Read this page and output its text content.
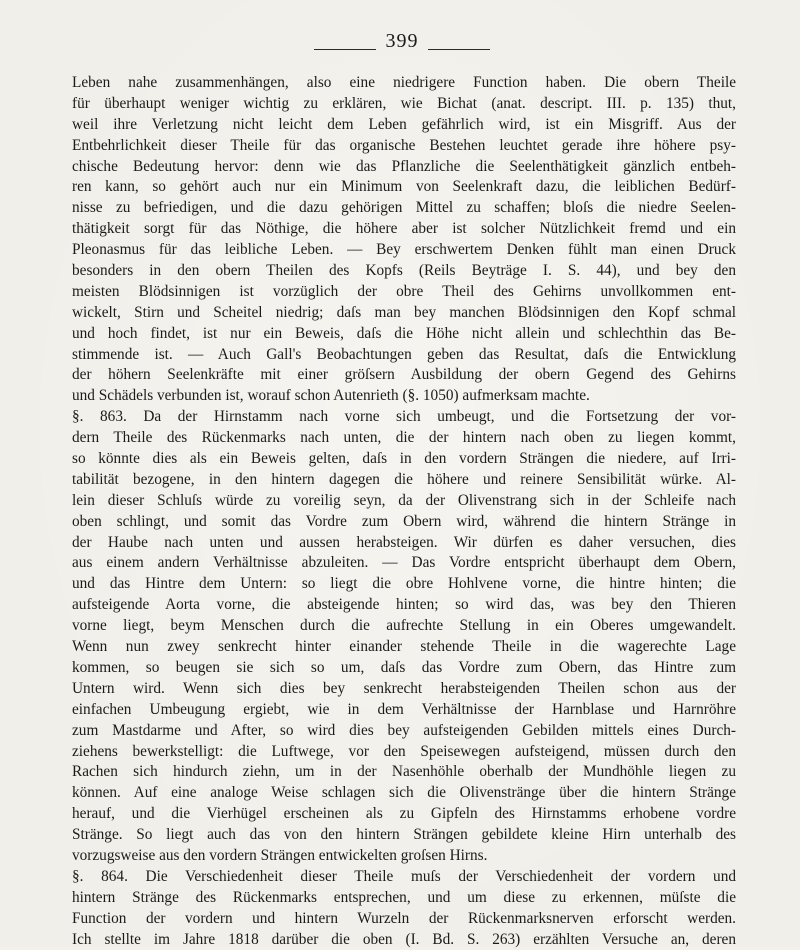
399
Leben nahe zusammenhängen, also eine niedrigere Function haben. Die obern Theile
für überhaupt weniger wichtig zu erklären, wie Bichat (anat. descript. III. p. 135) thut,
weil ihre Verletzung nicht leicht dem Leben gefährlich wird, ist ein Misgriff. Aus der
Entbehrlichkeit dieser Theile für das organische Bestehen leuchtet gerade ihre höhere psy-
chische Bedeutung hervor: denn wie das Pflanzliche die Seelenthätigkeit gänzlich entbeh-
ren kann, so gehört auch nur ein Minimum von Seelenkraft dazu, die leiblichen Bedürf-
nisse zu befriedigen, und die dazu gehörigen Mittel zu schaffen; bloſs die niedre Seelen-
thätigkeit sorgt für das Nöthige, die höhere aber ist solcher Nützlichkeit fremd und ein
Pleonasmus für das leibliche Leben. — Bey erschwertem Denken fühlt man einen Druck
besonders in den obern Theilen des Kopfs (Reils Beyträge I. S. 44), und bey den
meisten Blödsinnigen ist vorzüglich der obre Theil des Gehirns unvollkommen ent-
wickelt, Stirn und Scheitel niedrig; daſs man bey manchen Blödsinnigen den Kopf schmal
und hoch findet, ist nur ein Beweis, daſs die Höhe nicht allein und schlechthin das Be-
stimmende ist. — Auch Gall's Beobachtungen geben das Resultat, daſs die Entwicklung
der höhern Seelenkräfte mit einer gröſsern Ausbildung der obern Gegend des Gehirns
und Schädels verbunden ist, worauf schon Autenrieth (§. 1050) aufmerksam machte.
§. 863. Da der Hirnstamm nach vorne sich umbeugt, und die Fortsetzung der vor-
dern Theile des Rückenmarks nach unten, die der hintern nach oben zu liegen kommt,
so könnte dies als ein Beweis gelten, daſs in den vordern Strängen die niedere, auf Irri-
tabilität bezogene, in den hintern dagegen die höhere und reinere Sensibilität würke. Al-
lein dieser Schluſs würde zu voreilig seyn, da der Olivenstrang sich in der Schleife nach
oben schlingt, und somit das Vordre zum Obern wird, während die hintern Stränge in
der Haube nach unten und aussen herabsteigen. Wir dürfen es daher versuchen, dies
aus einem andern Verhältnisse abzuleiten. — Das Vordre entspricht überhaupt dem Obern,
und das Hintre dem Untern: so liegt die obre Hohlvene vorne, die hintre hinten; die
aufsteigende Aorta vorne, die absteigende hinten; so wird das, was bey den Thieren
vorne liegt, beym Menschen durch die aufrechte Stellung in ein Oberes umgewandelt.
Wenn nun zwey senkrecht hinter einander stehende Theile in die wagerechte Lage
kommen, so beugen sie sich so um, daſs das Vordre zum Obern, das Hintre zum
Untern wird. Wenn sich dies bey senkrecht herabsteigenden Theilen schon aus der
einfachen Umbeugung ergiebt, wie in dem Verhältnisse der Harnblase und Harnröhre
zum Mastdarme und After, so wird dies bey aufsteigenden Gebilden mittels eines Durch-
ziehens bewerkstelligt: die Luftwege, vor den Speisewegen aufsteigend, müssen durch den
Rachen sich hindurch ziehn, um in der Nasenhöhle oberhalb der Mundhöhle liegen zu
können. Auf eine analoge Weise schlagen sich die Olivenstränge über die hintern Stränge
herauf, und die Vierhügel erscheinen als zu Gipfeln des Hirnstamms erhobene vordre
Stränge. So liegt auch das von den hintern Strängen gebildete kleine Hirn unterhalb des
vorzugsweise aus den vordern Strängen entwickelten groſsen Hirns.
§. 864. Die Verschiedenheit dieser Theile muſs der Verschiedenheit der vordern und
hintern Stränge des Rückenmarks entsprechen, und um diese zu erkennen, müſste die
Function der vordern und hintern Wurzeln der Rückenmarksnerven erforscht werden.
Ich stellte im Jahre 1818 darüber die oben (I. Bd. S. 263) erzählten Versuche an, deren
